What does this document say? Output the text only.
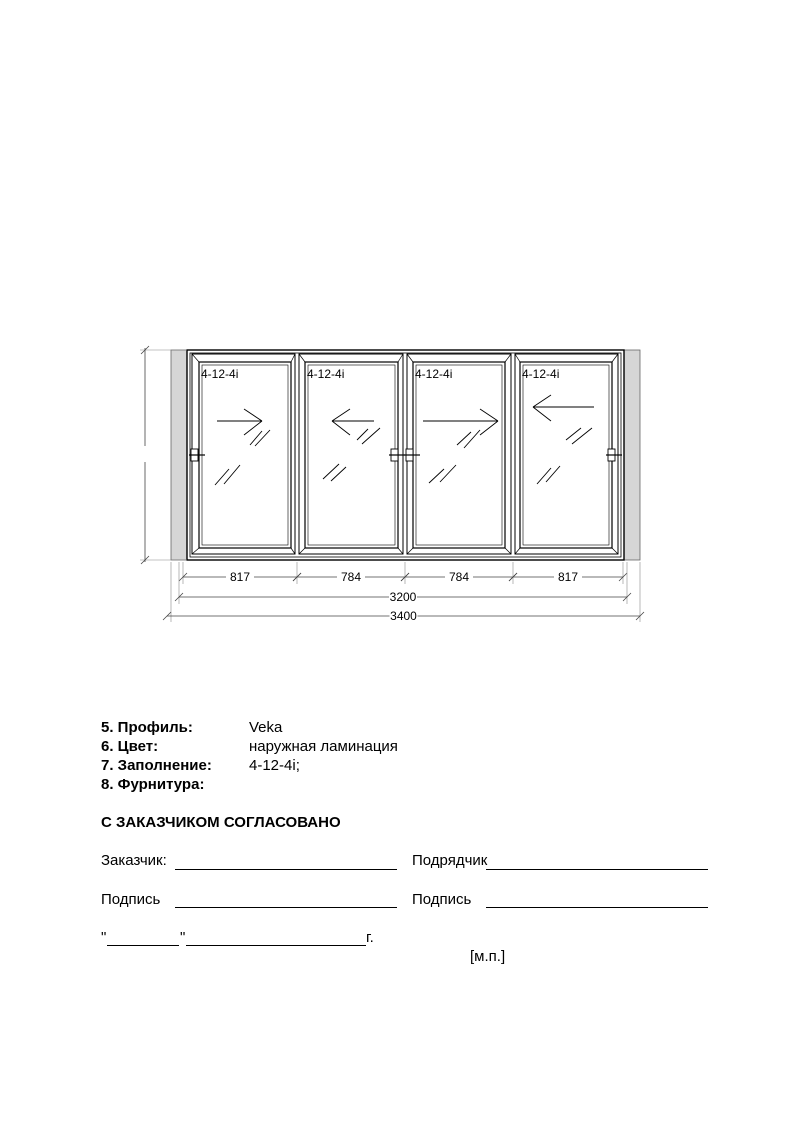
817	784	784	817
3200
3400
4-12-4i	4-12-4i	4-12-4i	4-12-4i
5. Профиль:	Veka
6. Цвет:	наружная ламинация
7. Заполнение:	4-12-4i;
8. Фурнитура:
С ЗАКАЗЧИКОМ СОГЛАСОВАНО
Заказчик:	Подрядчик
Подпись	Подпись
"	"	г.
[м.п.]
